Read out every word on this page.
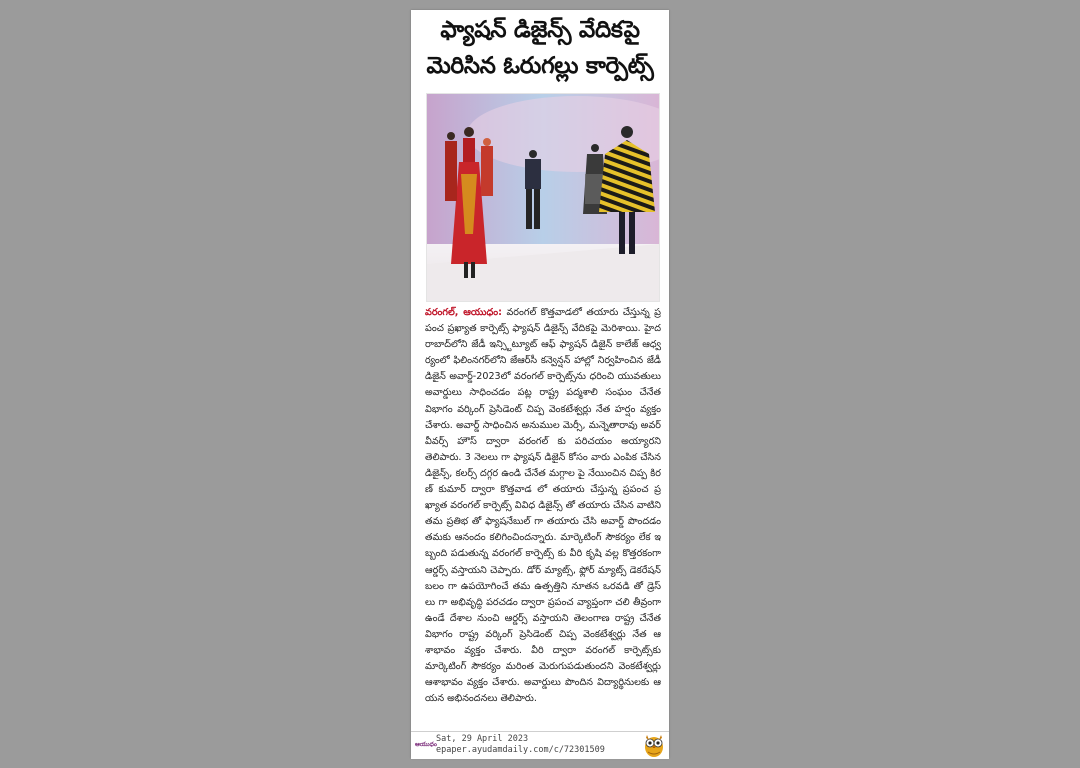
ఫ్యాషన్ డిజైన్స్ వేదికపై
మెరిసిన ఓరుగల్లు కార్పెట్స్
వరంగల్, ఆయుధం: వరంగల్ కొత్తవాడలో తయారు చేస్తున్న ప్రపంచ ప్రఖ్యాత కార్పెట్స్ ఫ్యాషన్ డిజైన్స్ వేదికపై మెరిశాయి. హైదరాబాద్‌లోని జేడీ ఇన్స్టిట్యూట్ ఆఫ్ ఫ్యాషన్ డిజైన్ కాలేజ్ ఆధ్వర్యంలో ఫిలింనగర్‌లోని జేఆర్‌సీ కన్వెన్షన్ హాల్లో నిర్వహించిన జేడీ డిజైన్ అవార్డ్-2023లో వరంగల్ కార్పెట్స్‌ను ధరించి యువతులు అవార్డులు సాధించడం పట్ల రాష్ట్ర పద్మశాలి సంఘం చేనేత విభాగం వర్కింగ్ ప్రెసిడెంట్ చిప్ప వెంకటేశ్వర్లు నేత హర్షం వ్యక్తం చేశారు. అవార్డ్ సాధించిన అనుముల మెర్సీ, మన్నెతారావు అవర్ వీవర్స్ హౌస్ ద్వారా వరంగల్ కు పరిచయం అయ్యారని తెలిపారు. 3 నెలలు గా ఫ్యాషన్ డిజైన్ కోసం వారు ఎంపిక చేసిన డిజైన్స్, కలర్స్ దగ్గర ఉండి చేనేత మగ్గాల పై నేయించిన చిప్ప కిరణ్ కుమార్ ద్వారా కొత్తవాడ లో తయారు చేస్తున్న ప్రపంచ ప్రఖ్యాత వరంగల్ కార్పెట్స్ వివిధ డిజైన్స్ తో తయారు చేసిన వాటిని తమ ప్రతిభ తో ఫ్యాషనేబుల్ గా తయారు చేసి అవార్డ్ పొందడం తమకు ఆనందం కలిగించిందన్నారు. మార్కెటింగ్ సౌకర్యం లేక ఇబ్బంది పడుతున్న వరంగల్ కార్పెట్స్ కు వీరి కృషి వల్ల కొత్తరకంగా ఆర్డర్స్ వస్తాయని చెప్పారు. డోర్ మ్యాట్స్, ఫ్లోర్ మ్యాట్స్ డెకరేషన్ బలం గా ఉపయోగించే తమ ఉత్పత్తిని నూతన ఒరవడి తో డ్రెస్ లు గా అభివృద్ధి పరచడం ద్వారా ప్రపంచ వ్యాప్తంగా చలి తీవ్రంగా ఉండే దేశాల నుంచి ఆర్డర్స్ వస్తాయని తెలంగాణ రాష్ట్ర చేనేత విభాగం రాష్ట్ర వర్కింగ్ ప్రెసిడెంట్ చిప్ప వెంకటేశ్వర్లు నేత ఆశాభావం వ్యక్తం చేశారు. వీరి ద్వారా వరంగల్ కార్పెట్స్‌కు మార్కెటింగ్ సౌకర్యం మరింత మెరుగుపడుతుందని వెంకటేశ్వర్లు ఆశాభావం వ్యక్తం చేశారు. అవార్డులు పొందిన విద్యార్థినులకు ఆయన అభినందనలు తెలిపారు.
ఆయుధం
Sat, 29 April 2023
epaper.ayudamdaily.com/c/72301509
